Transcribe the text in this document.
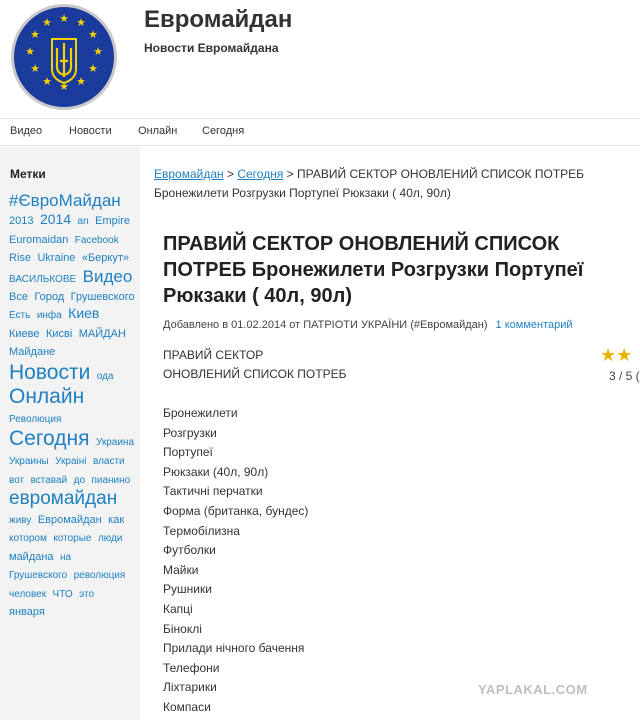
★ ★
★
★
★
★
★
★
★
★
★
★	Евромайдан
Новости Евромайдана
Видео Новости Онлайн Сегодня
Метки
#ЄвроМайдан 2013 2014 an Empire Euromaidan Facebook Rise Ukraine «Беркут» ВАСИЛЬКОВЕ Видео Все Город Грушевского Есть инфа Киев Киеве Кисві МАЙДАН Майдане Новости ода Онлайн Революция Сегодня Украина Украины Украіні власти вот вставай до пианино евромайдан живу Евромайдан как котором которые люди майдана на Грушевского революция человек ЧТО это января
Евромайдан > Сегодня > ПРАВИЙ СЕКТОР ОНОВЛЕНИЙ СПИСОК ПОТРЕБ Бронежилети Розгрузки Портупеї Рюкзаки ( 40л, 90л)
ПРАВИЙ СЕКТОР ОНОВЛЕНИЙ СПИСОК ПОТРЕБ Бронежилети Розгрузки Портупеї Рюкзаки ( 40л, 90л)
Добавлено в 01.02.2014 от ПАТРІОТИ УКРАЇНИ (#Евромайдан) 1 комментарий
ПРАВИЙ СЕКТОР
ОНОВЛЕНИЙ СПИСОК ПОТРЕБ
Бронежилети
Розгрузки
Портупеї
Рюкзаки (40л, 90л)
Тактичні перчатки
Форма (британка, бундес)
Термобілизна
Футболки
Майки
Рушники
Капці
Біноклі
Прилади нічного бачення
Телефони
Ліхтарики
Компаси
★★
3 / 5 (
YAPLAKAL.COM
